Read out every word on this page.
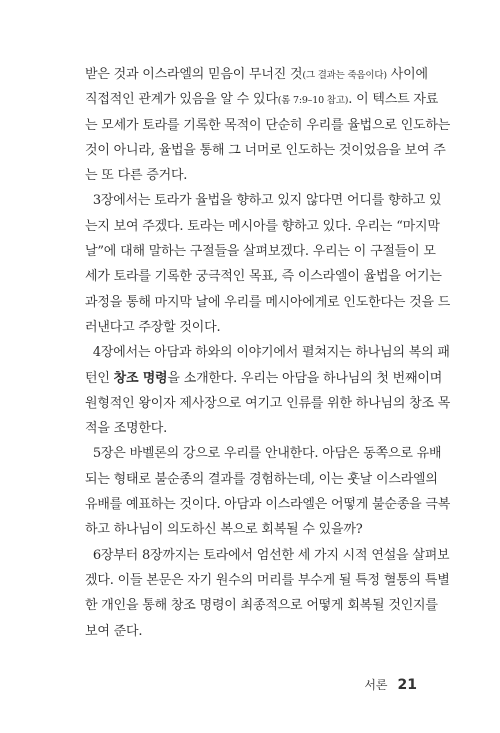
받은 것과 이스라엘의 믿음이 무너진 것(그 결과는 죽음이다) 사이에
직접적인 관계가 있음을 알 수 있다(롬 7:9–10 참고). 이 텍스트 자료
는 모세가 토라를 기록한 목적이 단순히 우리를 율법으로 인도하는
것이 아니라, 율법을 통해 그 너머로 인도하는 것이었음을 보여 주
는 또 다른 증거다.
3장에서는 토라가 율법을 향하고 있지 않다면 어디를 향하고 있
는지 보여 주겠다. 토라는 메시아를 향하고 있다. 우리는 “마지막
날”에 대해 말하는 구절들을 살펴보겠다. 우리는 이 구절들이 모
세가 토라를 기록한 궁극적인 목표, 즉 이스라엘이 율법을 어기는
과정을 통해 마지막 날에 우리를 메시아에게로 인도한다는 것을 드
러낸다고 주장할 것이다.
4장에서는 아담과 하와의 이야기에서 펼쳐지는 하나님의 복의 패
턴인 창조 명령을 소개한다. 우리는 아담을 하나님의 첫 번째이며
원형적인 왕이자 제사장으로 여기고 인류를 위한 하나님의 창조 목
적을 조명한다.
5장은 바벨론의 강으로 우리를 안내한다. 아담은 동쪽으로 유배
되는 형태로 불순종의 결과를 경험하는데, 이는 훗날 이스라엘의
유배를 예표하는 것이다. 아담과 이스라엘은 어떻게 불순종을 극복
하고 하나님이 의도하신 복으로 회복될 수 있을까?
6장부터 8장까지는 토라에서 엄선한 세 가지 시적 연설을 살펴보
겠다. 이들 본문은 자기 원수의 머리를 부수게 될 특정 혈통의 특별
한 개인을 통해 창조 명령이 최종적으로 어떻게 회복될 것인지를
보여 준다.
서론 21
